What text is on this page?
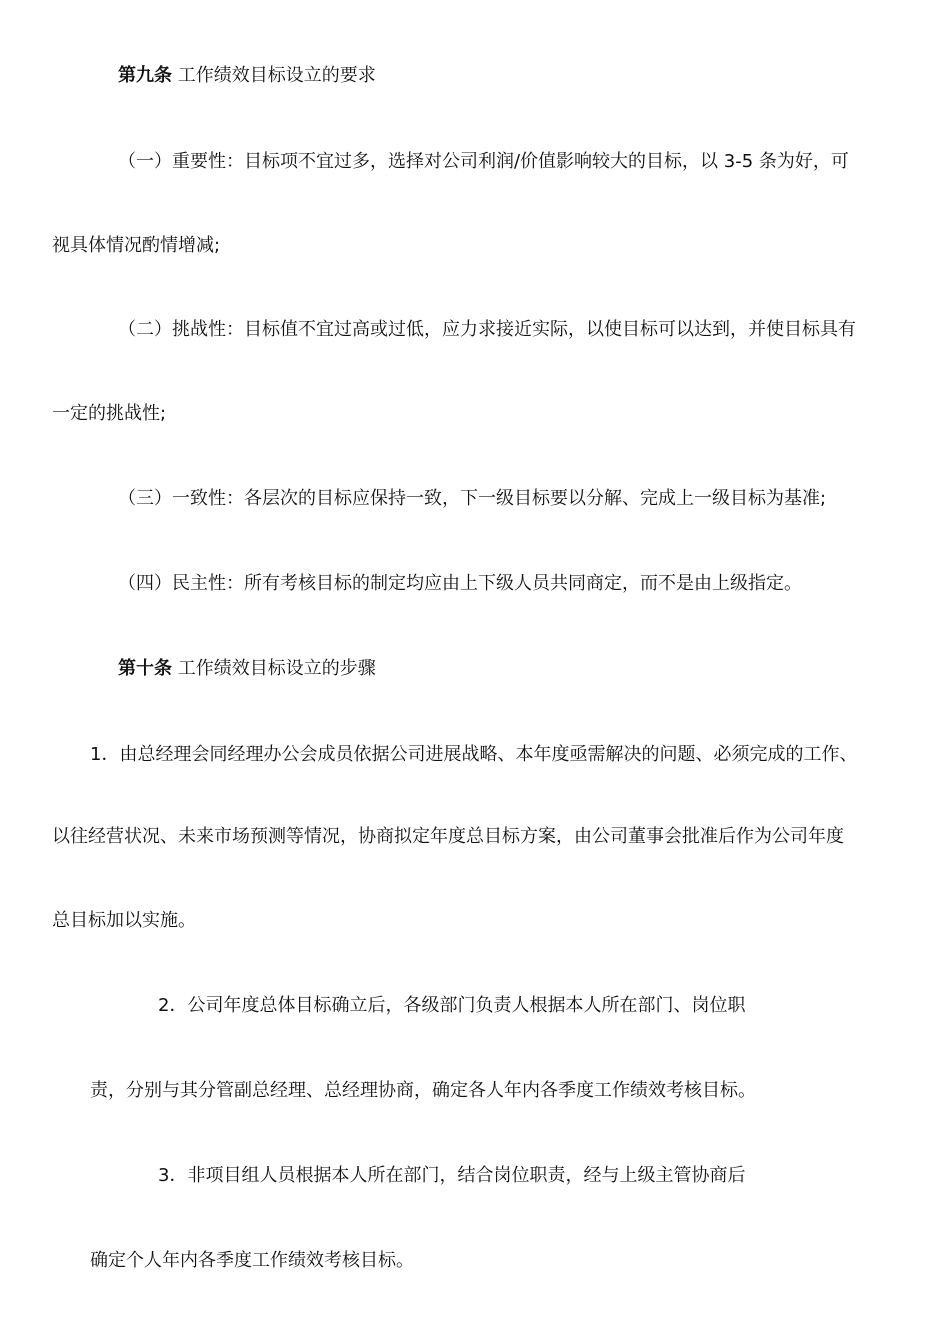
第九条 工作绩效目标设立的要求
（一）重要性：目标项不宜过多，选择对公司利润/价值影响较大的目标，以 3-5 条为好，可
视具体情况酌情增减;
（二）挑战性：目标值不宜过高或过低，应力求接近实际，以使目标可以达到，并使目标具有
一定的挑战性;
（三）一致性：各层次的目标应保持一致，下一级目标要以分解、完成上一级目标为基准;
（四）民主性：所有考核目标的制定均应由上下级人员共同商定，而不是由上级指定。
第十条 工作绩效目标设立的步骤
1．由总经理会同经理办公会成员依据公司进展战略、本年度亟需解决的问题、必须完成的工作、
以往经营状况、未来市场预测等情况，协商拟定年度总目标方案，由公司董事会批准后作为公司年度
总目标加以实施。
2．公司年度总体目标确立后，各级部门负责人根据本人所在部门、岗位职
责，分别与其分管副总经理、总经理协商，确定各人年内各季度工作绩效考核目标。
3．非项目组人员根据本人所在部门，结合岗位职责，经与上级主管协商后
确定个人年内各季度工作绩效考核目标。
